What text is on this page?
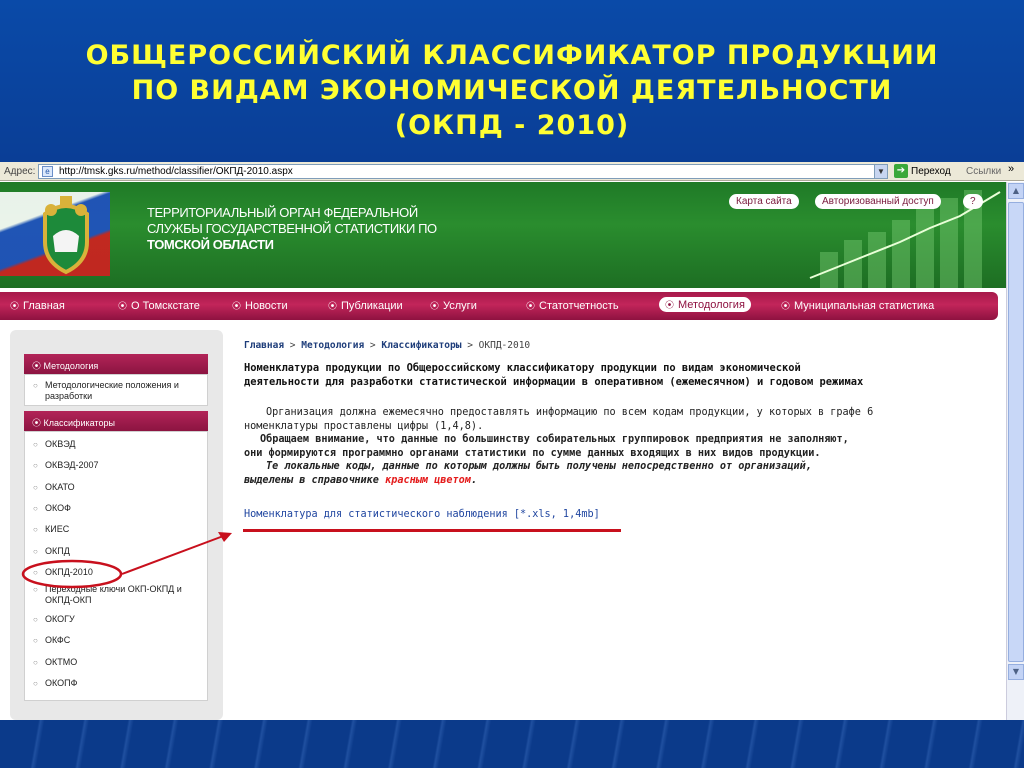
ОБЩЕРОССИЙСКИЙ КЛАССИФИКАТОР ПРОДУКЦИИ
ПО ВИДАМ ЭКОНОМИЧЕСКОЙ ДЕЯТЕЛЬНОСТИ
(ОКПД - 2010)
Адрес:	e http://tmsk.gks.ru/method/classifier/ОКПД-2010.aspx	▼ ➔ Переход Ссылки »
ТЕРРИТОРИАЛЬНЫЙ ОРГАН ФЕДЕРАЛЬНОЙ
СЛУЖБЫ ГОСУДАРСТВЕННОЙ СТАТИСТИКИ ПО
ТОМСКОЙ ОБЛАСТИ
Карта сайта	Авторизованный доступ	?
⦿ Главная	⦿ О Томскстате	⦿ Новости	⦿ Публикации	⦿ Услуги	⦿ Статотчетность	⦿ Методология	⦿ Муниципальная статистика
⦿ Методология
○ Методологические положения и
разработки
⦿ Классификаторы
○ ОКВЭД
○ ОКВЭД-2007
○ ОКАТО
○ ОКОФ
○ КИЕС
○ ОКПД
○ ОКПД-2010
○ Переходные ключи ОКП-ОКПД и
ОКПД-ОКП
○ ОКОГУ
○ ОКФС
○ ОКТМО
○ ОКОПФ
Главная > Методология > Классификаторы > ОКПД-2010
Номенклатура продукции по Общероссийскому классификатору продукции по видам экономической
деятельности для разработки статистической информации в оперативном (ежемесячном) и годовом режимах
Организация должна ежемесячно предоставлять информацию по всем кодам продукции, у которых в графе 6
номенклатуры проставлены цифры (1,4,8).
Обращаем внимание, что данные по большинству собирательных группировок предприятия не заполняют,
они формируются программно органами статистики по сумме данных входящих в них видов продукции.
Те локальные коды, данные по которым должны быть получены непосредственно от организаций,
выделены в справочнике красным цветом.
Номенклатура для статистического наблюдения [*.xls, 1,4mb]
▲
▼
